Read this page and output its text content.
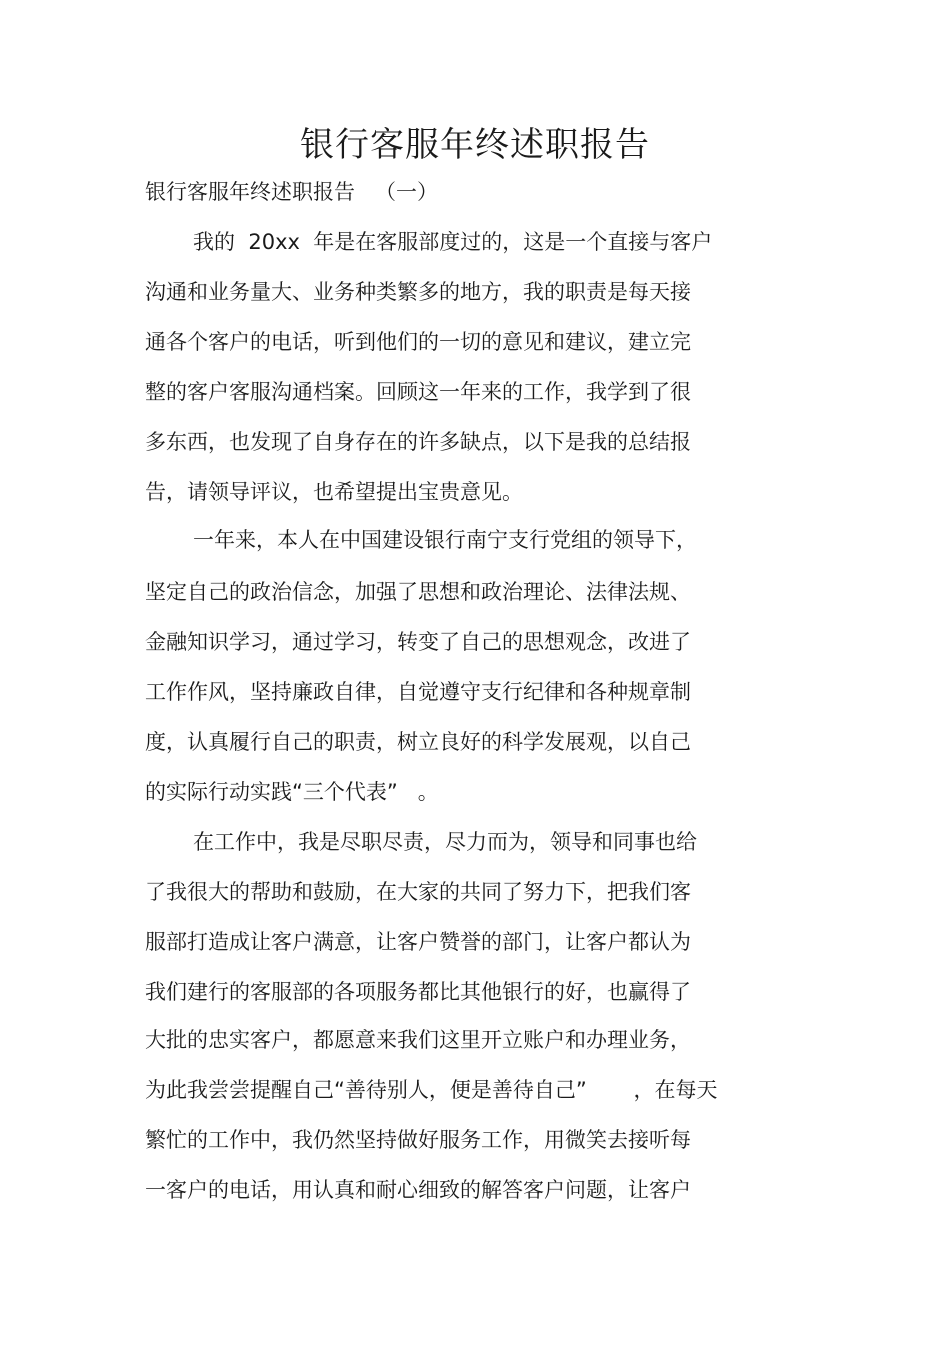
银行客服年终述职报告
银行客服年终述职报告   （一）
我的  20xx  年是在客服部度过的，这是一个直接与客户
沟通和业务量大、业务种类繁多的地方，我的职责是每天接
通各个客户的电话，听到他们的一切的意见和建议，建立完
整的客户客服沟通档案。回顾这一年来的工作，我学到了很
多东西，也发现了自身存在的许多缺点，以下是我的总结报
告，请领导评议，也希望提出宝贵意见。
一年来，本人在中国建设银行南宁支行党组的领导下，
坚定自己的政治信念，加强了思想和政治理论、法律法规、
金融知识学习，通过学习，转变了自己的思想观念，改进了
工作作风，坚持廉政自律，自觉遵守支行纪律和各种规章制
度，认真履行自己的职责，树立良好的科学发展观，以自己
的实际行动实践“三个代表”   。
在工作中，我是尽职尽责，尽力而为，领导和同事也给
了我很大的帮助和鼓励，在大家的共同了努力下，把我们客
服部打造成让客户满意，让客户赞誉的部门，让客户都认为
我们建行的客服部的各项服务都比其他银行的好，也赢得了
大批的忠实客户，都愿意来我们这里开立账户和办理业务，
为此我尝尝提醒自己“善待别人，便是善待自己”       ，在每天
繁忙的工作中，我仍然坚持做好服务工作，用微笑去接听每
一客户的电话，用认真和耐心细致的解答客户问题，让客户
